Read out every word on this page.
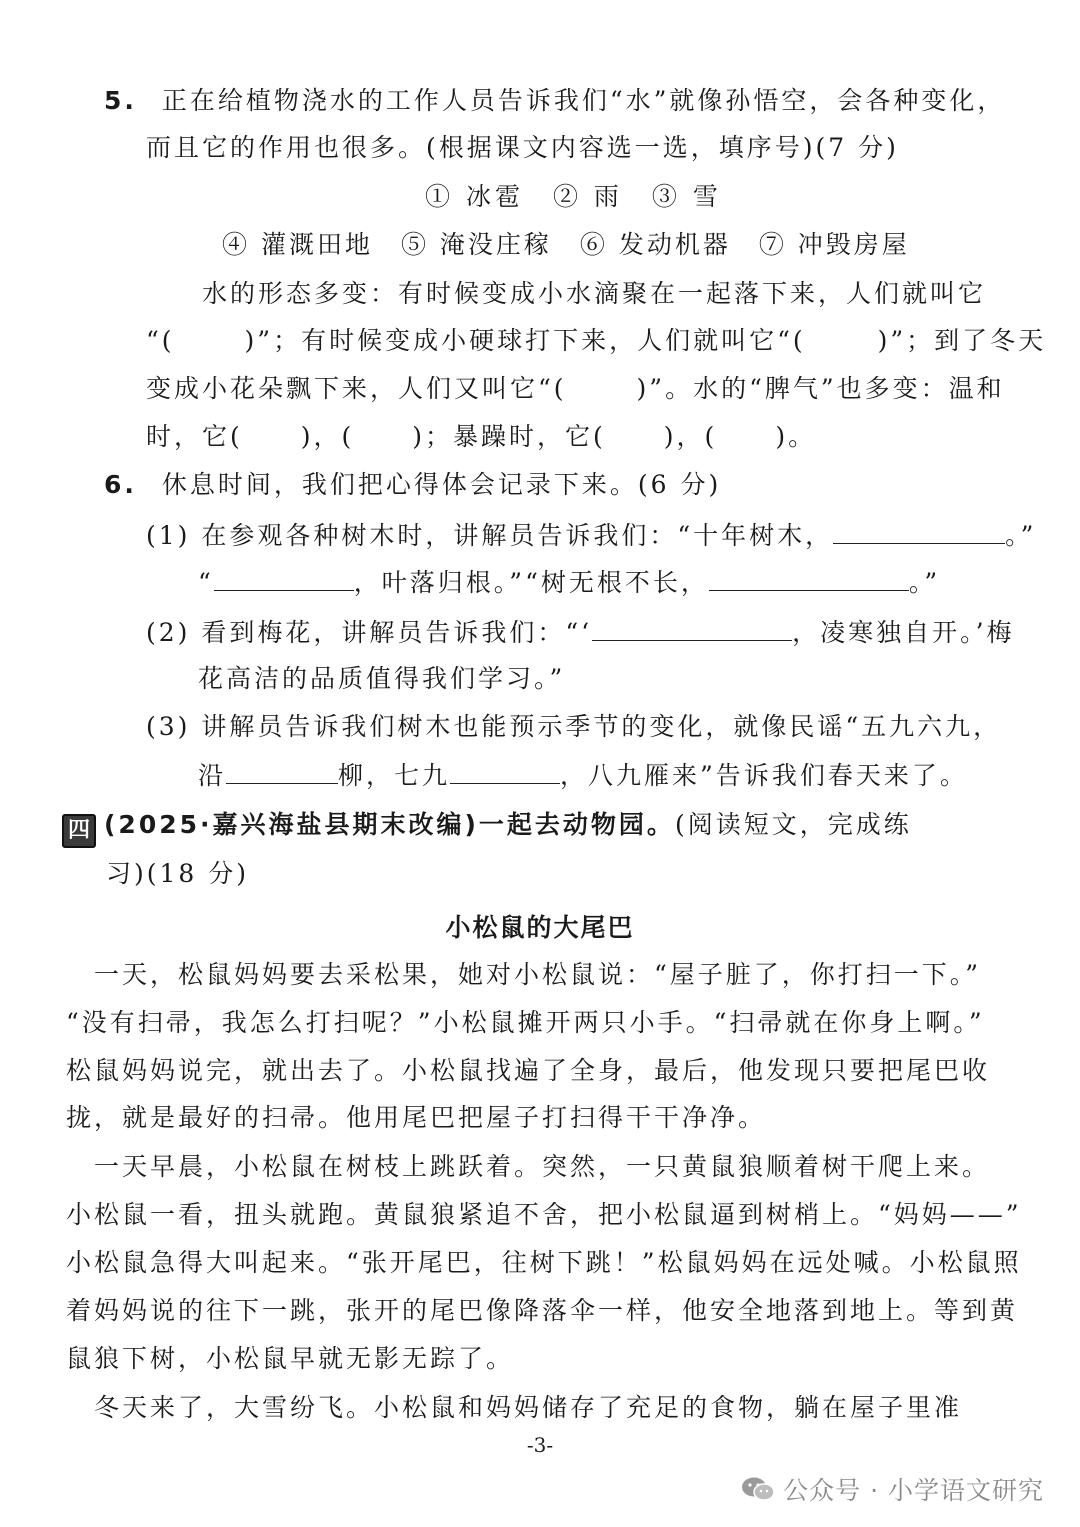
5. 正在给植物浇水的工作人员告诉我们“水”就像孙悟空，会各种变化，
而且它的作用也很多。(根据课文内容选一选，填序号)(7 分)
① 冰雹　② 雨　③ 雪
④ 灌溉田地　⑤ 淹没庄稼　⑥ 发动机器　⑦ 冲毁房屋
水的形态多变：有时候变成小水滴聚在一起落下来，人们就叫它
“(	)”；有时候变成小硬球打下来，人们就叫它“(	)”；到了冬天
变成小花朵飘下来，人们又叫它“(	)”。水的“脾气”也多变：温和
时，它( )，( )；暴躁时，它( )，( )。
6. 休息时间，我们把心得体会记录下来。(6 分)
(1) 在参观各种树木时，讲解员告诉我们：“十年树木，	。”
“	，叶落归根。”“树无根不长，	。”
(2) 看到梅花，讲解员告诉我们：“‘	，凌寒独自开。’梅
花高洁的品质值得我们学习。”
(3) 讲解员告诉我们树木也能预示季节的变化，就像民谣“五九六九，
沿	柳，七九	，八九雁来”告诉我们春天来了。
四 (2025·嘉兴海盐县期末改编)一起去动物园。(阅读短文，完成练
习)(18 分)
小松鼠的大尾巴
　一天，松鼠妈妈要去采松果，她对小松鼠说：“屋子脏了，你打扫一下。”
“没有扫帚，我怎么打扫呢？”小松鼠摊开两只小手。“扫帚就在你身上啊。”
松鼠妈妈说完，就出去了。小松鼠找遍了全身，最后，他发现只要把尾巴收
拢，就是最好的扫帚。他用尾巴把屋子打扫得干干净净。
　一天早晨，小松鼠在树枝上跳跃着。突然，一只黄鼠狼顺着树干爬上来。
小松鼠一看，扭头就跑。黄鼠狼紧追不舍，把小松鼠逼到树梢上。“妈妈——”
小松鼠急得大叫起来。“张开尾巴，往树下跳！”松鼠妈妈在远处喊。小松鼠照
着妈妈说的往下一跳，张开的尾巴像降落伞一样，他安全地落到地上。等到黄
鼠狼下树，小松鼠早就无影无踪了。
　冬天来了，大雪纷飞。小松鼠和妈妈储存了充足的食物，躺在屋子里准
-3-
公众号 · 小学语文研究
